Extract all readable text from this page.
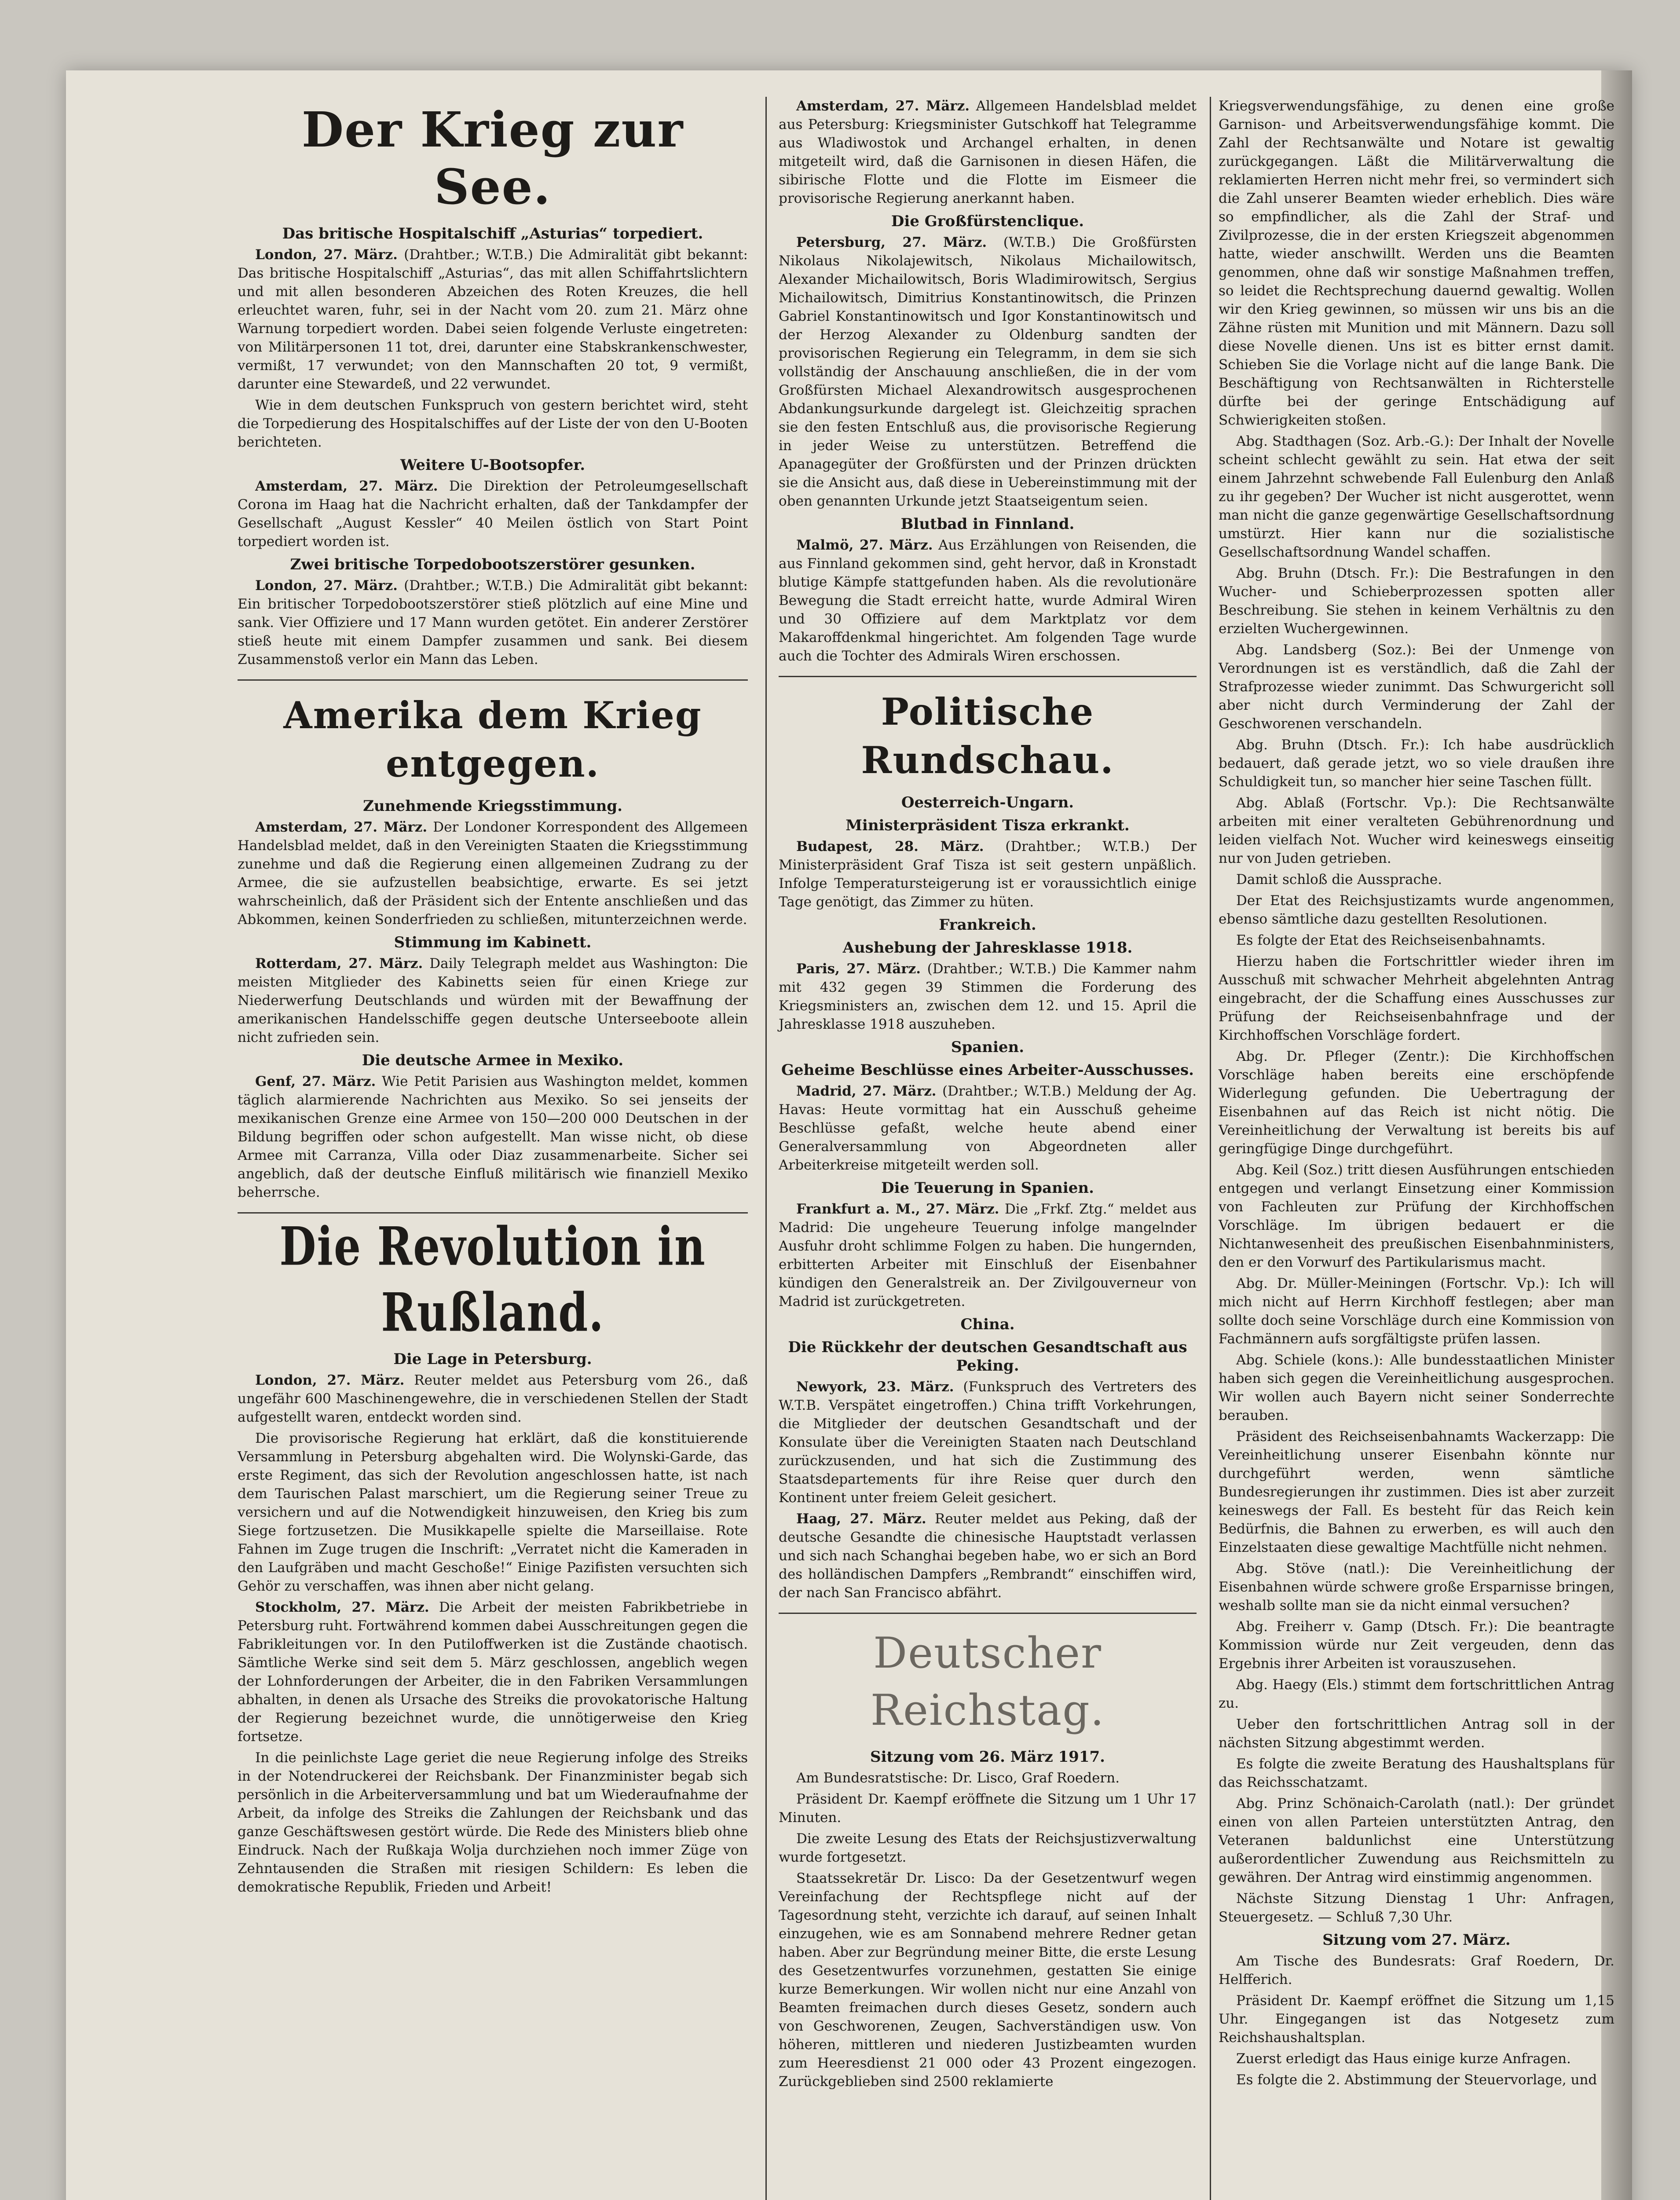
Der Krieg zur See.
Das britische Hospitalschiff „Asturias“ torpediert.

London, 27. März. (Drahtber.; W.T.B.) Die Admiralität gibt bekannt: Das britische Hospitalschiff „Asturias“, das mit allen Schiffahrtslichtern und mit allen besonderen Abzeichen des Roten Kreuzes, die hell erleuchtet waren, fuhr, sei in der Nacht vom 20. zum 21. März ohne Warnung torpediert worden. Dabei seien folgende Verluste eingetreten: von Militärpersonen 11 tot, drei, darunter eine Stabskrankenschwester, vermißt, 17 verwundet; von den Mannschaften 20 tot, 9 vermißt, darunter eine Stewardeß, und 22 verwundet.

Wie in dem deutschen Funkspruch von gestern berichtet wird, steht die Torpedierung des Hospitalschiffes auf der Liste der von den U-Booten berichteten.

Weitere U-Bootsopfer.

Amsterdam, 27. März. Die Direktion der Petroleumgesellschaft Corona im Haag hat die Nachricht erhalten, daß der Tankdampfer der Gesellschaft „August Kessler“ 40 Meilen östlich von Start Point torpediert worden ist.

Zwei britische Torpedobootszerstörer gesunken.

London, 27. März. (Drahtber.; W.T.B.) Die Admiralität gibt bekannt: Ein britischer Torpedobootszerstörer stieß plötzlich auf eine Mine und sank. Vier Offiziere und 17 Mann wurden getötet. Ein anderer Zerstörer stieß heute mit einem Dampfer zusammen und sank. Bei diesem Zusammenstoß verlor ein Mann das Leben.

Amerika dem Krieg entgegen.
Zunehmende Kriegsstimmung.

Amsterdam, 27. März. Der Londoner Korrespondent des Allgemeen Handelsblad meldet, daß in den Vereinigten Staaten die Kriegsstimmung zunehme und daß die Regierung einen allgemeinen Zudrang zu der Armee, die sie aufzustellen beabsichtige, erwarte. Es sei jetzt wahrscheinlich, daß der Präsident sich der Entente anschließen und das Abkommen, keinen Sonderfrieden zu schließen, mitunterzeichnen werde.

Stimmung im Kabinett.

Rotterdam, 27. März. Daily Telegraph meldet aus Washington: Die meisten Mitglieder des Kabinetts seien für einen Kriege zur Niederwerfung Deutschlands und würden mit der Bewaffnung der amerikanischen Handelsschiffe gegen deutsche Unterseeboote allein nicht zufrieden sein.

Die deutsche Armee in Mexiko.

Genf, 27. März. Wie Petit Parisien aus Washington meldet, kommen täglich alarmierende Nachrichten aus Mexiko. So sei jenseits der mexikanischen Grenze eine Armee von 150—200 000 Deutschen in der Bildung begriffen oder schon aufgestellt. Man wisse nicht, ob diese Armee mit Carranza, Villa oder Diaz zusammenarbeite. Sicher sei angeblich, daß der deutsche Einfluß militärisch wie finanziell Mexiko beherrsche.

Die Revolution in Rußland.
Die Lage in Petersburg.

London, 27. März. Reuter meldet aus Petersburg vom 26., daß ungefähr 600 Maschinengewehre, die in verschiedenen Stellen der Stadt aufgestellt waren, entdeckt worden sind.

Die provisorische Regierung hat erklärt, daß die konstituierende Versammlung in Petersburg abgehalten wird. Die Wolynski-Garde, das erste Regiment, das sich der Revolution angeschlossen hatte, ist nach dem Taurischen Palast marschiert, um die Regierung seiner Treue zu versichern und auf die Notwendigkeit hinzuweisen, den Krieg bis zum Siege fortzusetzen. Die Musikkapelle spielte die Marseillaise. Rote Fahnen im Zuge trugen die Inschrift: „Verratet nicht die Kameraden in den Laufgräben und macht Geschoße!“ Einige Pazifisten versuchten sich Gehör zu verschaffen, was ihnen aber nicht gelang.

Stockholm, 27. März. Die Arbeit der meisten Fabrikbetriebe in Petersburg ruht. Fortwährend kommen dabei Ausschreitungen gegen die Fabrikleitungen vor. In den Putiloffwerken ist die Zustände chaotisch. Sämtliche Werke sind seit dem 5. März geschlossen, angeblich wegen der Lohnforderungen der Arbeiter, die in den Fabriken Versammlungen abhalten, in denen als Ursache des Streiks die provokatorische Haltung der Regierung bezeichnet wurde, die unnötigerweise den Krieg fortsetze.

In die peinlichste Lage geriet die neue Regierung infolge des Streiks in der Notendruckerei der Reichsbank. Der Finanzminister begab sich persönlich in die Arbeiterversammlung und bat um Wiederaufnahme der Arbeit, da infolge des Streiks die Zahlungen der Reichsbank und das ganze Geschäftswesen gestört würde. Die Rede des Ministers blieb ohne Eindruck. Nach der Rußkaja Wolja durchziehen noch immer Züge von Zehntausenden die Straßen mit riesigen Schildern: Es leben die demokratische Republik, Frieden und Arbeit!

Amsterdam, 27. März. Allgemeen Handelsblad meldet aus Petersburg: Kriegsminister Gutschkoff hat Telegramme aus Wladiwostok und Archangel erhalten, in denen mitgeteilt wird, daß die Garnisonen in diesen Häfen, die sibirische Flotte und die Flotte im Eismeer die provisorische Regierung anerkannt haben.

Die Großfürstenclique.

Petersburg, 27. März. (W.T.B.) Die Großfürsten Nikolaus Nikolajewitsch, Nikolaus Michailowitsch, Alexander Michailowitsch, Boris Wladimirowitsch, Sergius Michailowitsch, Dimitrius Konstantinowitsch, die Prinzen Gabriel Konstantinowitsch und Igor Konstantinowitsch und der Herzog Alexander zu Oldenburg sandten der provisorischen Regierung ein Telegramm, in dem sie sich vollständig der Anschauung anschließen, die in der vom Großfürsten Michael Alexandrowitsch ausgesprochenen Abdankungsurkunde dargelegt ist. Gleichzeitig sprachen sie den festen Entschluß aus, die provisorische Regierung in jeder Weise zu unterstützen. Betreffend die Apanagegüter der Großfürsten und der Prinzen drückten sie die Ansicht aus, daß diese in Uebereinstimmung mit der oben genannten Urkunde jetzt Staatseigentum seien.

Blutbad in Finnland.

Malmö, 27. März. Aus Erzählungen von Reisenden, die aus Finnland gekommen sind, geht hervor, daß in Kronstadt blutige Kämpfe stattgefunden haben. Als die revolutionäre Bewegung die Stadt erreicht hatte, wurde Admiral Wiren und 30 Offiziere auf dem Marktplatz vor dem Makaroffdenkmal hingerichtet. Am folgenden Tage wurde auch die Tochter des Admirals Wiren erschossen.

Politische Rundschau.
Oesterreich-Ungarn.
Ministerpräsident Tisza erkrankt.

Budapest, 28. März. (Drahtber.; W.T.B.) Der Ministerpräsident Graf Tisza ist seit gestern unpäßlich. Infolge Temperatursteigerung ist er voraussichtlich einige Tage genötigt, das Zimmer zu hüten.

Frankreich.
Aushebung der Jahresklasse 1918.

Paris, 27. März. (Drahtber.; W.T.B.) Die Kammer nahm mit 432 gegen 39 Stimmen die Forderung des Kriegsministers an, zwischen dem 12. und 15. April die Jahresklasse 1918 auszuheben.

Spanien.
Geheime Beschlüsse eines Arbeiter-Ausschusses.

Madrid, 27. März. (Drahtber.; W.T.B.) Meldung der Ag. Havas: Heute vormittag hat ein Ausschuß geheime Beschlüsse gefaßt, welche heute abend einer Generalversammlung von Abgeordneten aller Arbeiterkreise mitgeteilt werden soll.

Die Teuerung in Spanien.

Frankfurt a. M., 27. März. Die „Frkf. Ztg.“ meldet aus Madrid: Die ungeheure Teuerung infolge mangelnder Ausfuhr droht schlimme Folgen zu haben. Die hungernden, erbitterten Arbeiter mit Einschluß der Eisenbahner kündigen den Generalstreik an. Der Zivilgouverneur von Madrid ist zurückgetreten.

China.
Die Rückkehr der deutschen Gesandtschaft aus Peking.

Newyork, 23. März. (Funkspruch des Vertreters des W.T.B. Verspätet eingetroffen.) China trifft Vorkehrungen, die Mitglieder der deutschen Gesandtschaft und der Konsulate über die Vereinigten Staaten nach Deutschland zurückzusenden, und hat sich die Zustimmung des Staatsdepartements für ihre Reise quer durch den Kontinent unter freiem Geleit gesichert.

Haag, 27. März. Reuter meldet aus Peking, daß der deutsche Gesandte die chinesische Hauptstadt verlassen und sich nach Schanghai begeben habe, wo er sich an Bord des holländischen Dampfers „Rembrandt“ einschiffen wird, der nach San Francisco abfährt.

Deutscher Reichstag.
Sitzung vom 26. März 1917.

Am Bundesratstische: Dr. Lisco, Graf Roedern.

Präsident Dr. Kaempf eröffnete die Sitzung um 1 Uhr 17 Minuten.

Die zweite Lesung des Etats der Reichsjustizverwaltung wurde fortgesetzt.

Staatssekretär Dr. Lisco: Da der Gesetzentwurf wegen Vereinfachung der Rechtspflege nicht auf der Tagesordnung steht, verzichte ich darauf, auf seinen Inhalt einzugehen, wie es am Sonnabend mehrere Redner getan haben. Aber zur Begründung meiner Bitte, die erste Lesung des Gesetzentwurfes vorzunehmen, gestatten Sie einige kurze Bemerkungen. Wir wollen nicht nur eine Anzahl von Beamten freimachen durch dieses Gesetz, sondern auch von Geschworenen, Zeugen, Sachverständigen usw. Von höheren, mittleren und niederen Justizbeamten wurden zum Heeresdienst 21 000 oder 43 Prozent eingezogen. Zurückgeblieben sind 2500 reklamierte

Kriegsverwendungsfähige, zu denen eine große Garnison- und Arbeitsverwendungsfähige kommt. Die Zahl der Rechtsanwälte und Notare ist gewaltig zurückgegangen. Läßt die Militärverwaltung die reklamierten Herren nicht mehr frei, so vermindert sich die Zahl unserer Beamten wieder erheblich. Dies wäre so empfindlicher, als die Zahl der Straf- und Zivilprozesse, die in der ersten Kriegszeit abgenommen hatte, wieder anschwillt. Werden uns die Beamten genommen, ohne daß wir sonstige Maßnahmen treffen, so leidet die Rechtsprechung dauernd gewaltig. Wollen wir den Krieg gewinnen, so müssen wir uns bis an die Zähne rüsten mit Munition und mit Männern. Dazu soll diese Novelle dienen. Uns ist es bitter ernst damit. Schieben Sie die Vorlage nicht auf die lange Bank. Die Beschäftigung von Rechtsanwälten in Richterstelle dürfte bei der geringe Entschädigung auf Schwierigkeiten stoßen.

Abg. Stadthagen (Soz. Arb.-G.): Der Inhalt der Novelle scheint schlecht gewählt zu sein. Hat etwa der seit einem Jahrzehnt schwebende Fall Eulenburg den Anlaß zu ihr gegeben? Der Wucher ist nicht ausgerottet, wenn man nicht die ganze gegenwärtige Gesellschaftsordnung umstürzt. Hier kann nur die sozialistische Gesellschaftsordnung Wandel schaffen.

Abg. Bruhn (Dtsch. Fr.): Die Bestrafungen in den Wucher- und Schieberprozessen spotten aller Beschreibung. Sie stehen in keinem Verhältnis zu den erzielten Wuchergewinnen.

Abg. Landsberg (Soz.): Bei der Unmenge von Verordnungen ist es verständlich, daß die Zahl der Strafprozesse wieder zunimmt. Das Schwurgericht soll aber nicht durch Verminderung der Zahl der Geschworenen verschandeln.

Abg. Bruhn (Dtsch. Fr.): Ich habe ausdrücklich bedauert, daß gerade jetzt, wo so viele draußen ihre Schuldigkeit tun, so mancher hier seine Taschen füllt.

Abg. Ablaß (Fortschr. Vp.): Die Rechtsanwälte arbeiten mit einer veralteten Gebührenordnung und leiden vielfach Not. Wucher wird keineswegs einseitig nur von Juden getrieben.

Damit schloß die Aussprache.

Der Etat des Reichsjustizamts wurde angenommen, ebenso sämtliche dazu gestellten Resolutionen.

Es folgte der Etat des Reichseisenbahnamts.

Hierzu haben die Fortschrittler wieder ihren im Ausschuß mit schwacher Mehrheit abgelehnten Antrag eingebracht, der die Schaffung eines Ausschusses zur Prüfung der Reichseisenbahnfrage und der Kirchhoffschen Vorschläge fordert.

Abg. Dr. Pfleger (Zentr.): Die Kirchhoffschen Vorschläge haben bereits eine erschöpfende Widerlegung gefunden. Die Uebertragung der Eisenbahnen auf das Reich ist nicht nötig. Die Vereinheitlichung der Verwaltung ist bereits bis auf geringfügige Dinge durchgeführt.

Abg. Keil (Soz.) tritt diesen Ausführungen entschieden entgegen und verlangt Einsetzung einer Kommission von Fachleuten zur Prüfung der Kirchhoffschen Vorschläge. Im übrigen bedauert er die Nichtanwesenheit des preußischen Eisenbahnministers, den er den Vorwurf des Partikularismus macht.

Abg. Dr. Müller-Meiningen (Fortschr. Vp.): Ich will mich nicht auf Herrn Kirchhoff festlegen; aber man sollte doch seine Vorschläge durch eine Kommission von Fachmännern aufs sorgfältigste prüfen lassen.

Abg. Schiele (kons.): Alle bundesstaatlichen Minister haben sich gegen die Vereinheitlichung ausgesprochen. Wir wollen auch Bayern nicht seiner Sonderrechte berauben.

Präsident des Reichseisenbahnamts Wackerzapp: Die Vereinheitlichung unserer Eisenbahn könnte nur durchgeführt werden, wenn sämtliche Bundesregierungen ihr zustimmen. Dies ist aber zurzeit keineswegs der Fall. Es besteht für das Reich kein Bedürfnis, die Bahnen zu erwerben, es will auch den Einzelstaaten diese gewaltige Machtfülle nicht nehmen.

Abg. Stöve (natl.): Die Vereinheitlichung der Eisenbahnen würde schwere große Ersparnisse bringen, weshalb sollte man sie da nicht einmal versuchen?

Abg. Freiherr v. Gamp (Dtsch. Fr.): Die beantragte Kommission würde nur Zeit vergeuden, denn das Ergebnis ihrer Arbeiten ist vorauszusehen.

Abg. Haegy (Els.) stimmt dem fortschrittlichen Antrag zu.

Ueber den fortschrittlichen Antrag soll in der nächsten Sitzung abgestimmt werden.

Es folgte die zweite Beratung des Haushaltsplans für das Reichsschatzamt.

Abg. Prinz Schönaich-Carolath (natl.): Der gründet einen von allen Parteien unterstützten Antrag, den Veteranen baldunlichst eine Unterstützung außerordentlicher Zuwendung aus Reichsmitteln zu gewähren. Der Antrag wird einstimmig angenommen.

Nächste Sitzung Dienstag 1 Uhr: Anfragen, Steuergesetz. — Schluß 7,30 Uhr.

Sitzung vom 27. März.

Am Tische des Bundesrats: Graf Roedern, Dr. Helfferich.

Präsident Dr. Kaempf eröffnet die Sitzung um 1,15 Uhr. Eingegangen ist das Notgesetz zum Reichshaushaltsplan.

Zuerst erledigt das Haus einige kurze Anfragen.

Es folgte die 2. Abstimmung der Steuervorlage, und
